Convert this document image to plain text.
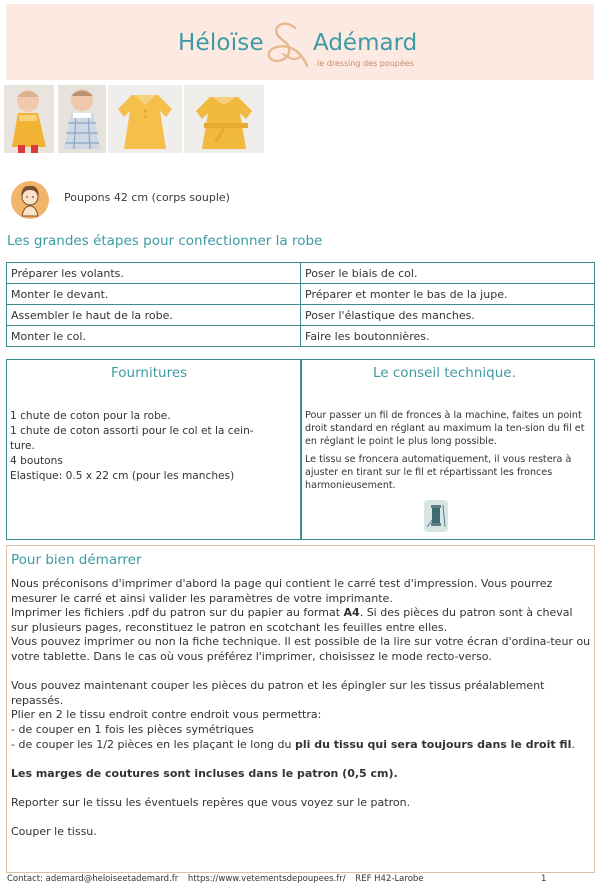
Héloïse Adémard
le dressing des poupées
Poupons 42 cm (corps souple)
Les grandes étapes pour confectionner la robe
Préparer les volants.	Poser le biais de col.
Monter le devant.	Préparer et monter le bas de la jupe.
Assembler le haut de la robe.	Poser l'élastique des manches.
Monter le col.	Faire les boutonnières.
Fournitures	Le conseil technique.
1 chute de coton pour la robe.
1 chute de coton assorti pour le col et la cein-
ture.
4 boutons
Elastique: 0.5 x 22 cm (pour les manches)

Pour passer un fil de fronces à la machine, faites un point droit standard en réglant au maximum la ten-sion du fil et en réglant le point le plus long possible.

Le tissu se froncera automatiquement, il vous restera à ajuster en tirant sur le fil et répartissant les fronces harmonieusement.

Pour bien démarrer

Nous préconisons d'imprimer d'abord la page qui contient le carré test d'impression. Vous pourrez mesurer le carré et ainsi valider les paramètres de votre imprimante.

Imprimer les fichiers .pdf du patron sur du papier au format A4. Si des pièces du patron sont à cheval sur plusieurs pages, reconstituez le patron en scotchant les feuilles entre elles.

Vous pouvez imprimer ou non la fiche technique. Il est possible de la lire sur votre écran d'ordina-teur ou votre tablette. Dans le cas où vous préférez l'imprimer, choisissez le mode recto-verso.

Vous pouvez maintenant couper les pièces du patron et les épingler sur les tissus préalablement repassés.

Plier en 2 le tissu endroit contre endroit vous permettra:

- de couper en 1 fois les pièces symétriques

- de couper les 1/2 pièces en les plaçant le long du pli du tissu qui sera toujours dans le droit fil.

Les marges de coutures sont incluses dans le patron (0,5 cm).

Reporter sur le tissu les éventuels repères que vous voyez sur le patron.

Couper le tissu.

Contact: ademard@heloiseetademard.fr https://www.vetementsdepoupees.fr/ REF H42-Larobe	1
